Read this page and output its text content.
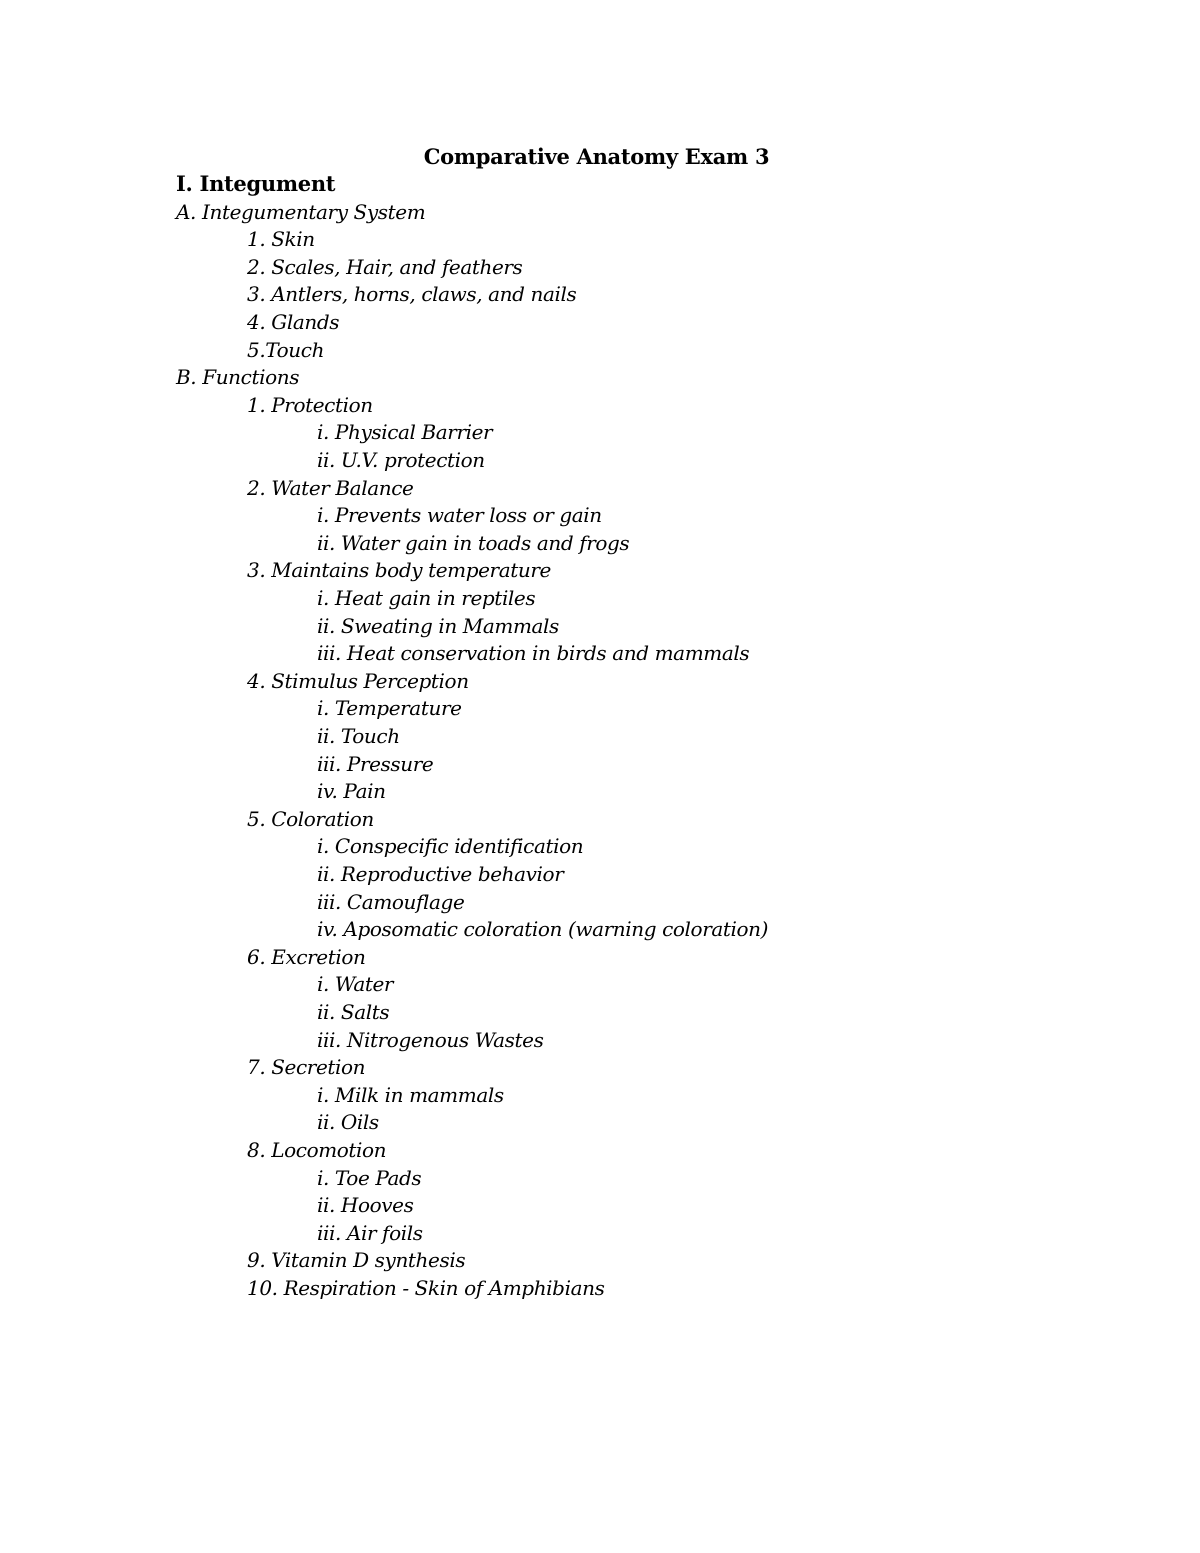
Comparative Anatomy Exam 3
I. Integument
A. Integumentary System
1. Skin
2. Scales, Hair, and feathers
3. Antlers, horns, claws, and nails
4. Glands
5.Touch
B. Functions
1. Protection
i. Physical Barrier
ii. U.V. protection
2. Water Balance
i. Prevents water loss or gain
ii. Water gain in toads and frogs
3. Maintains body temperature
i. Heat gain in reptiles
ii. Sweating in Mammals
iii. Heat conservation in birds and mammals
4. Stimulus Perception
i. Temperature
ii. Touch
iii. Pressure
iv. Pain
5. Coloration
i. Conspecific identification
ii. Reproductive behavior
iii. Camouflage
iv. Aposomatic coloration (warning coloration)
6. Excretion
i. Water
ii. Salts
iii. Nitrogenous Wastes
7. Secretion
i. Milk in mammals
ii. Oils
8. Locomotion
i. Toe Pads
ii. Hooves
iii. Air foils
9. Vitamin D synthesis
10. Respiration - Skin of Amphibians
